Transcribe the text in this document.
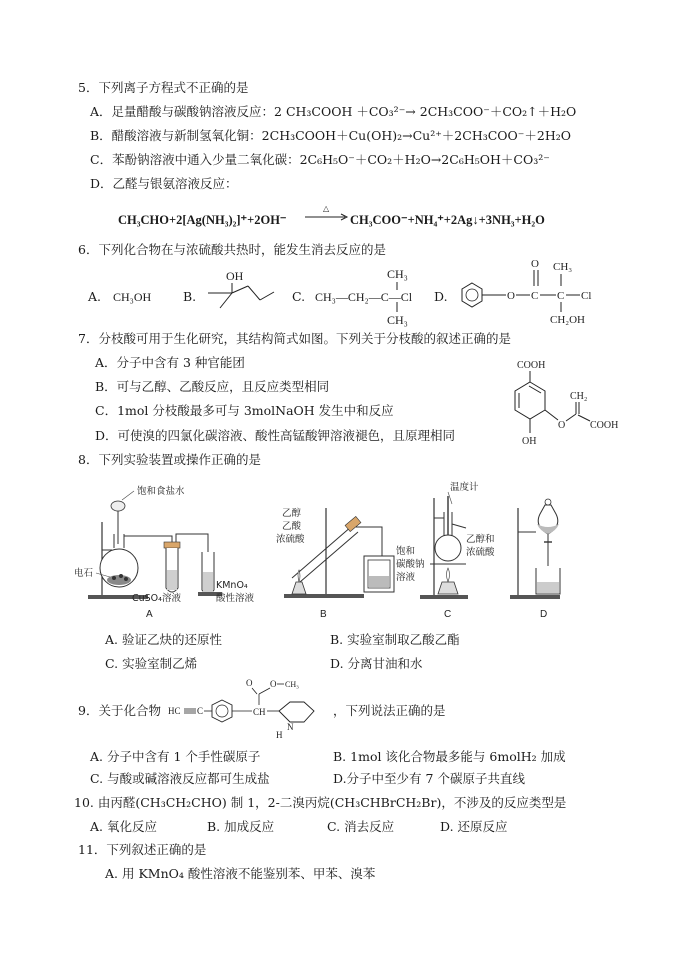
5．下列离子方程式不正确的是
A．足量醋酸与碳酸钠溶液反应：2 CH₃COOH ＋CO₃²⁻→ 2CH₃COO⁻＋CO₂↑＋H₂O
B．醋酸溶液与新制氢氧化铜：2CH₃COOH＋Cu(OH)₂→Cu²⁺＋2CH₃COO⁻＋2H₂O
C．苯酚钠溶液中通入少量二氧化碳：2C₆H₅O⁻＋CO₂＋H₂O→2C₆H₅OH＋CO₃²⁻
D．乙醛与银氨溶液反应：
CH₃CHO+2[Ag(NH₃)₂]⁺+2OH⁻
△
CH₃COO⁻+NH₄⁺+2Ag↓+3NH₃+H₂O
6．下列化合物在与浓硫酸共热时，能发生消去反应的是
A. CH₃OH	B.
OH
C.
CH₃
CH₃—CH₂—C—Cl
CH₃
D.	O C
O
C
CH₃
Cl
CH₂OH
7．分枝酸可用于生化研究，其结构简式如图。下列关于分枝酸的叙述正确的是
A．分子中含有 3 种官能团
B．可与乙醇、乙酸反应，且反应类型相同
C．1mol 分枝酸最多可与 3molNaOH 发生中和反应
D．可使溴的四氯化碳溶液、酸性高锰酸钾溶液褪色，且原理相同
COOH
OH
O
CH₂
COOH
8．下列实验装置或操作正确的是
饱和食盐水
电石
CuSO₄溶液
KMnO₄
酸性溶液
A
乙醇
乙酸
浓硫酸
饱和
碳酸钠
溶液
B
温度计
乙醇和
浓硫酸
C	D
A. 验证乙炔的还原性	B. 实验室制取乙酸乙酯
C. 实验室制乙烯	D. 分离甘油和水
9．关于化合物 HC C	CH
O O CH₃
N
H
，下列说法正确的是
A. 分子中含有 1 个手性碳原子	B. 1mol 该化合物最多能与 6molH₂ 加成
C. 与酸或碱溶液反应都可生成盐	D.分子中至少有 7 个碳原子共直线
10. 由丙醛(CH₃CH₂CHO) 制 1，2-二溴丙烷(CH₃CHBrCH₂Br)，不涉及的反应类型是
A. 氧化反应	B. 加成反应	C. 消去反应	D. 还原反应
11．下列叙述正确的是
A. 用 KMnO₄ 酸性溶液不能鉴别苯、甲苯、溴苯
